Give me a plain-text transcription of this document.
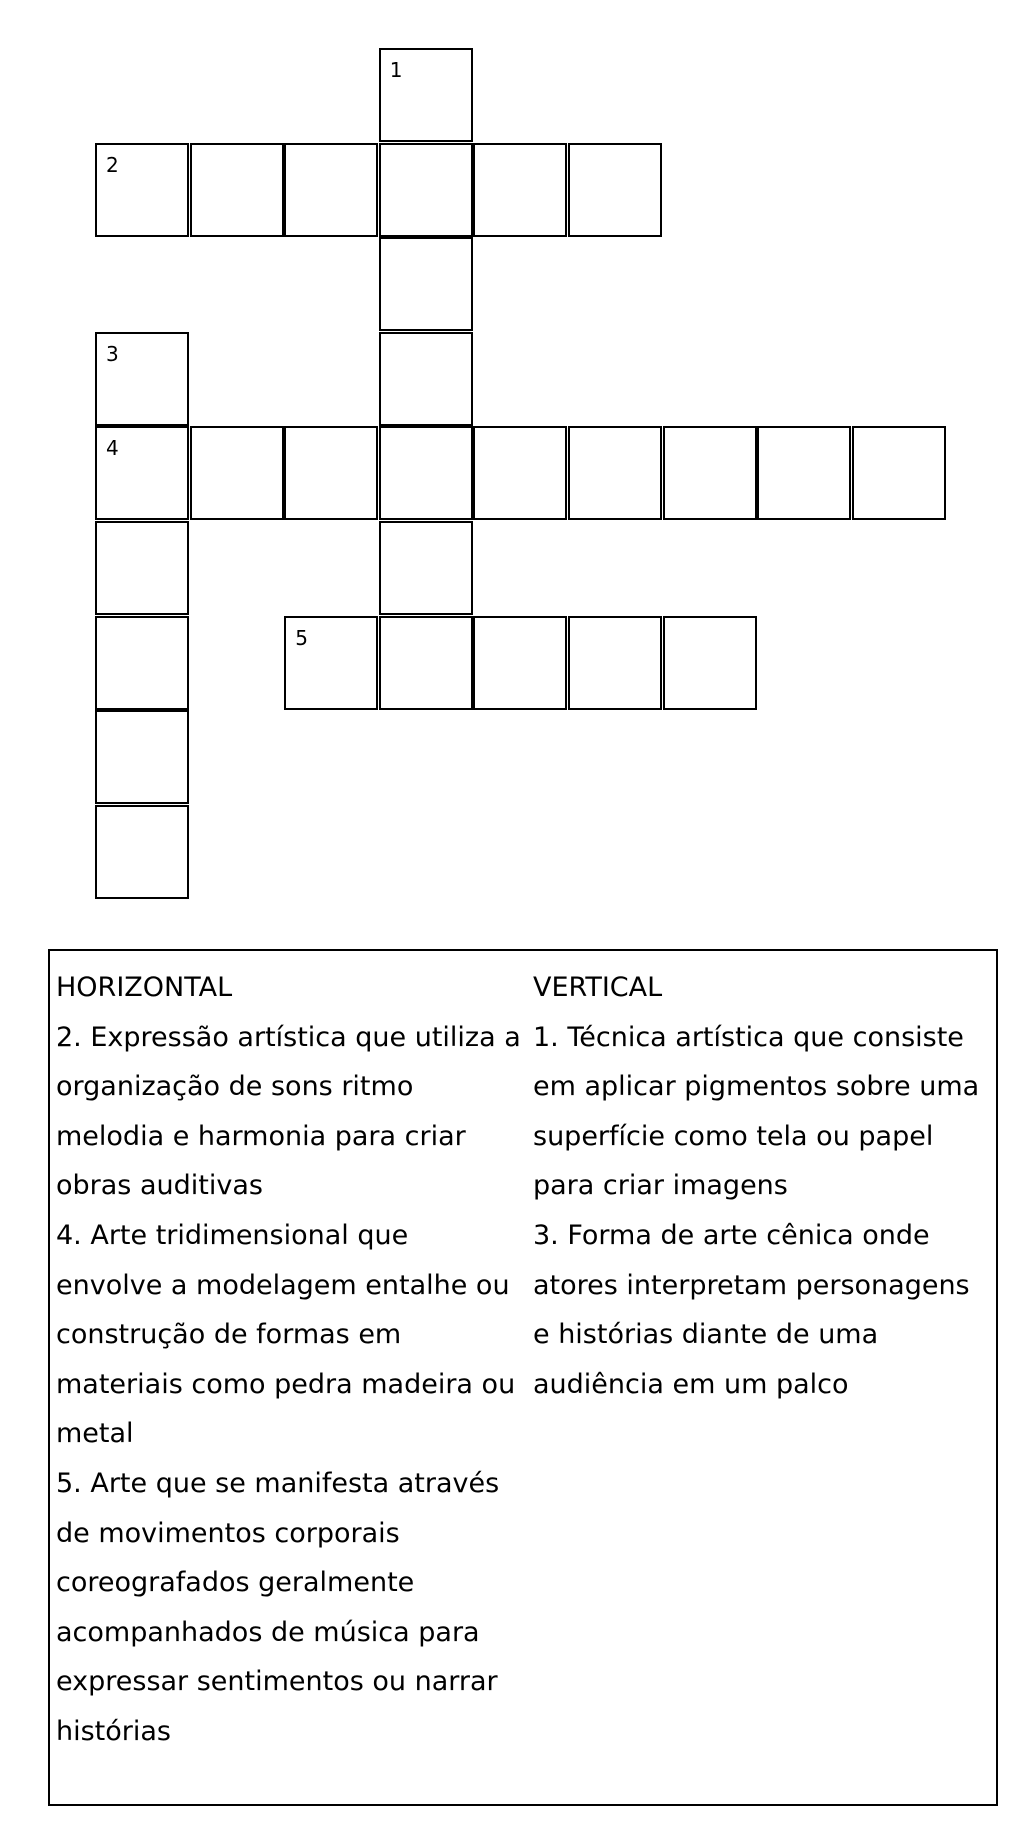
1
2
3
4
5
HORIZONTAL
2. Expressão artística que utiliza a organização de sons ritmo melodia e harmonia para criar obras auditivas
4. Arte tridimensional que envolve a modelagem entalhe ou construção de formas em materiais como pedra madeira ou metal
5. Arte que se manifesta através de movimentos corporais coreografados geralmente acompanhados de música para expressar sentimentos ou narrar histórias
VERTICAL
1. Técnica artística que consiste em aplicar pigmentos sobre uma superfície como tela ou papel para criar imagens
3. Forma de arte cênica onde atores interpretam personagens e histórias diante de uma audiência em um palco
